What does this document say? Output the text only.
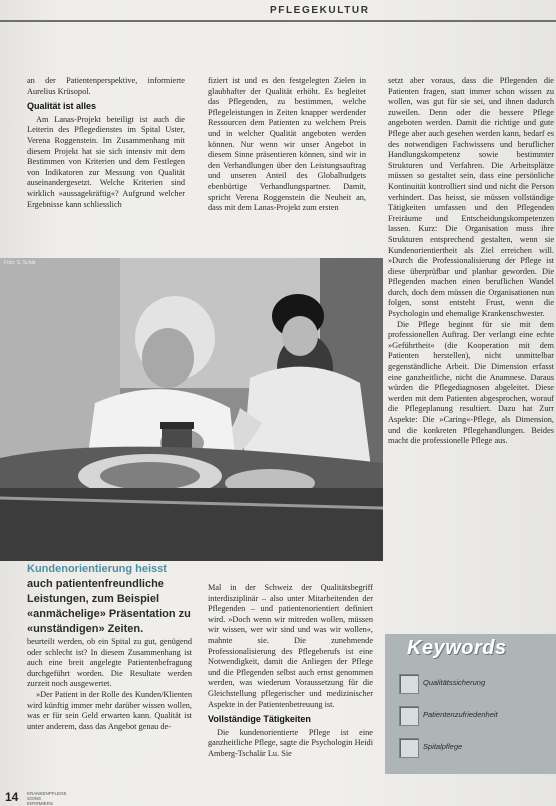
PFLEGEKULTUR

an der Patientenperspektive, informierte Aurelius Krüsopol.

Qualität ist alles

Am Lanas-Projekt beteiligt ist auch die Leiterin des Pflegedienstes im Spital Uster, Verena Roggenstein. Im Zusammenhang mit diesem Projekt hat sie sich intensiv mit dem Bestimmen von Kriterien und dem Festlegen von Indikatoren zur Messung von Qualität auseinandergesetzt. Welche Kriterien sind wirklich »aussagekräftig«? Aufgrund welcher Ergebnisse kann schliesslich

fiziert ist und es den festgelegten Zielen in glaubhafter der Qualität erhöht. Es begleitet das Pflegenden, zu bestimmen, welche Pflegeleistungen in Zeiten knapper werdender Ressourcen dem Patienten zu welchem Preis und in welcher Qualität angeboten werden können. Nur wenn wir unser Angebot in diesem Sinne präsentieren können, sind wir in den Verhandlungen über den Leistungsauftrag und unseren Anteil des Globalbudgets ebenbürtige Verhandlungspartner. Damit, spricht Verena Roggenstein die Neuheit an, dass mit dem Lanas-Projekt zum ersten

setzt aber voraus, dass die Pflegenden die Patienten fragen, statt immer schon wissen zu wollen, was gut für sie sei, und ihnen dadurch zuweilen. Denn oder die bessere Pflege angeboten werden. Damit die richtige und gute Pflege aber auch gesehen werden kann, bedarf es des notwendigen Fachwissens und beruflicher Handlungskompetenz sowie bestimmter Strukturen und Verfahren. Die Arbeitsplätze müssen so gestaltet sein, dass eine persönliche Kontinuität kontrolliert sind und nicht die Person verhindert. Das heisst, sie müssen vollständige Tätigkeiten umfassen und den Pflegenden Freiräume und Entscheidungskompetenzen lassen. Kurz: Die Organisation muss ihre Strukturen entsprechend gestalten, wenn sie Kundenorientiertheit als Ziel erreichen will. »Durch die Professionalisierung der Pflege ist diese überprüfbar und planbar geworden. Die Pflegenden machen einen beruflichen Wandel durch, doch dem müssen die Organisationen nun folgen, sonst entsteht Frust, wenn die Psychologin und ehemalige Krankenschwester.

Die Pflege beginnt für sie mit dem professionellen Auftrag. Der verlangt eine echte »Geführtheit« (die Kooperation mit dem Patienten herstellen), nicht unmittelbar gegenständliche Arbeit. Die Dimension erfasst eine ganzheitliche, nicht die Anamnese. Daraus würden die Pflegediagnosen abgeleitet. Diese werden mit dem Patienten abgesprochen, worauf die Pflegeplanung resultiert. Dazu hat Zurr Aspekte: Die »Caring«-Pflege, als Dimension, und die konkreten Pflegehandlungen. Beides macht die professionelle Pflege aus.

Foto: S. Schär
Kundenorientierung heisst
auch patientenfreundliche Leistungen, zum Beispiel «anmächelige» Präsentation zu «unständigen» Zeiten.

beurteilt werden, ob ein Spital zu gut, genügend oder schlecht ist? In diesem Zusammenhang ist auch eine breit angelegte Patientenbefragung durchgeführt worden. Die Resultate werden zurzeit noch ausgewertet.

»Der Patient in der Rolle des Kunden/Klienten wird künftig immer mehr darüber wissen wollen, was er für sein Geld erwarten kann. Qualität ist unter anderem, dass das Angebot genau de-

Mal in der Schweiz der Qualitätsbegriff interdisziplinär – also unter Mitarbeitenden der Pflegenden – und patientenorientiert definiert wird. »Doch wenn wir mitreden wollen, müssen wir wissen, wer wir sind und was wir wollen«, mahnte sie. Die zunehmende Professionalisierung des Pflegeberufs ist eine Notwendigkeit, damit die Anliegen der Pflege und die Pflegenden selbst auch ernst genommen werden, was wiederum Voraussetzung für die Gleichstellung pflegerischer und medizinischer Aspekte in der Patientenbetreuung ist.

Vollständige Tätigkeiten

Die kundenorientierte Pflege ist eine ganzheitliche Pflege, sagte die Psychologin Heidi Amberg-Tschalär Lu. Sie

Keywords
Qualitätssicherung
Patientenzufriedenheit
Spitalpflege
14 KRANKENPFLEGE SOINS INFIRMIERS
